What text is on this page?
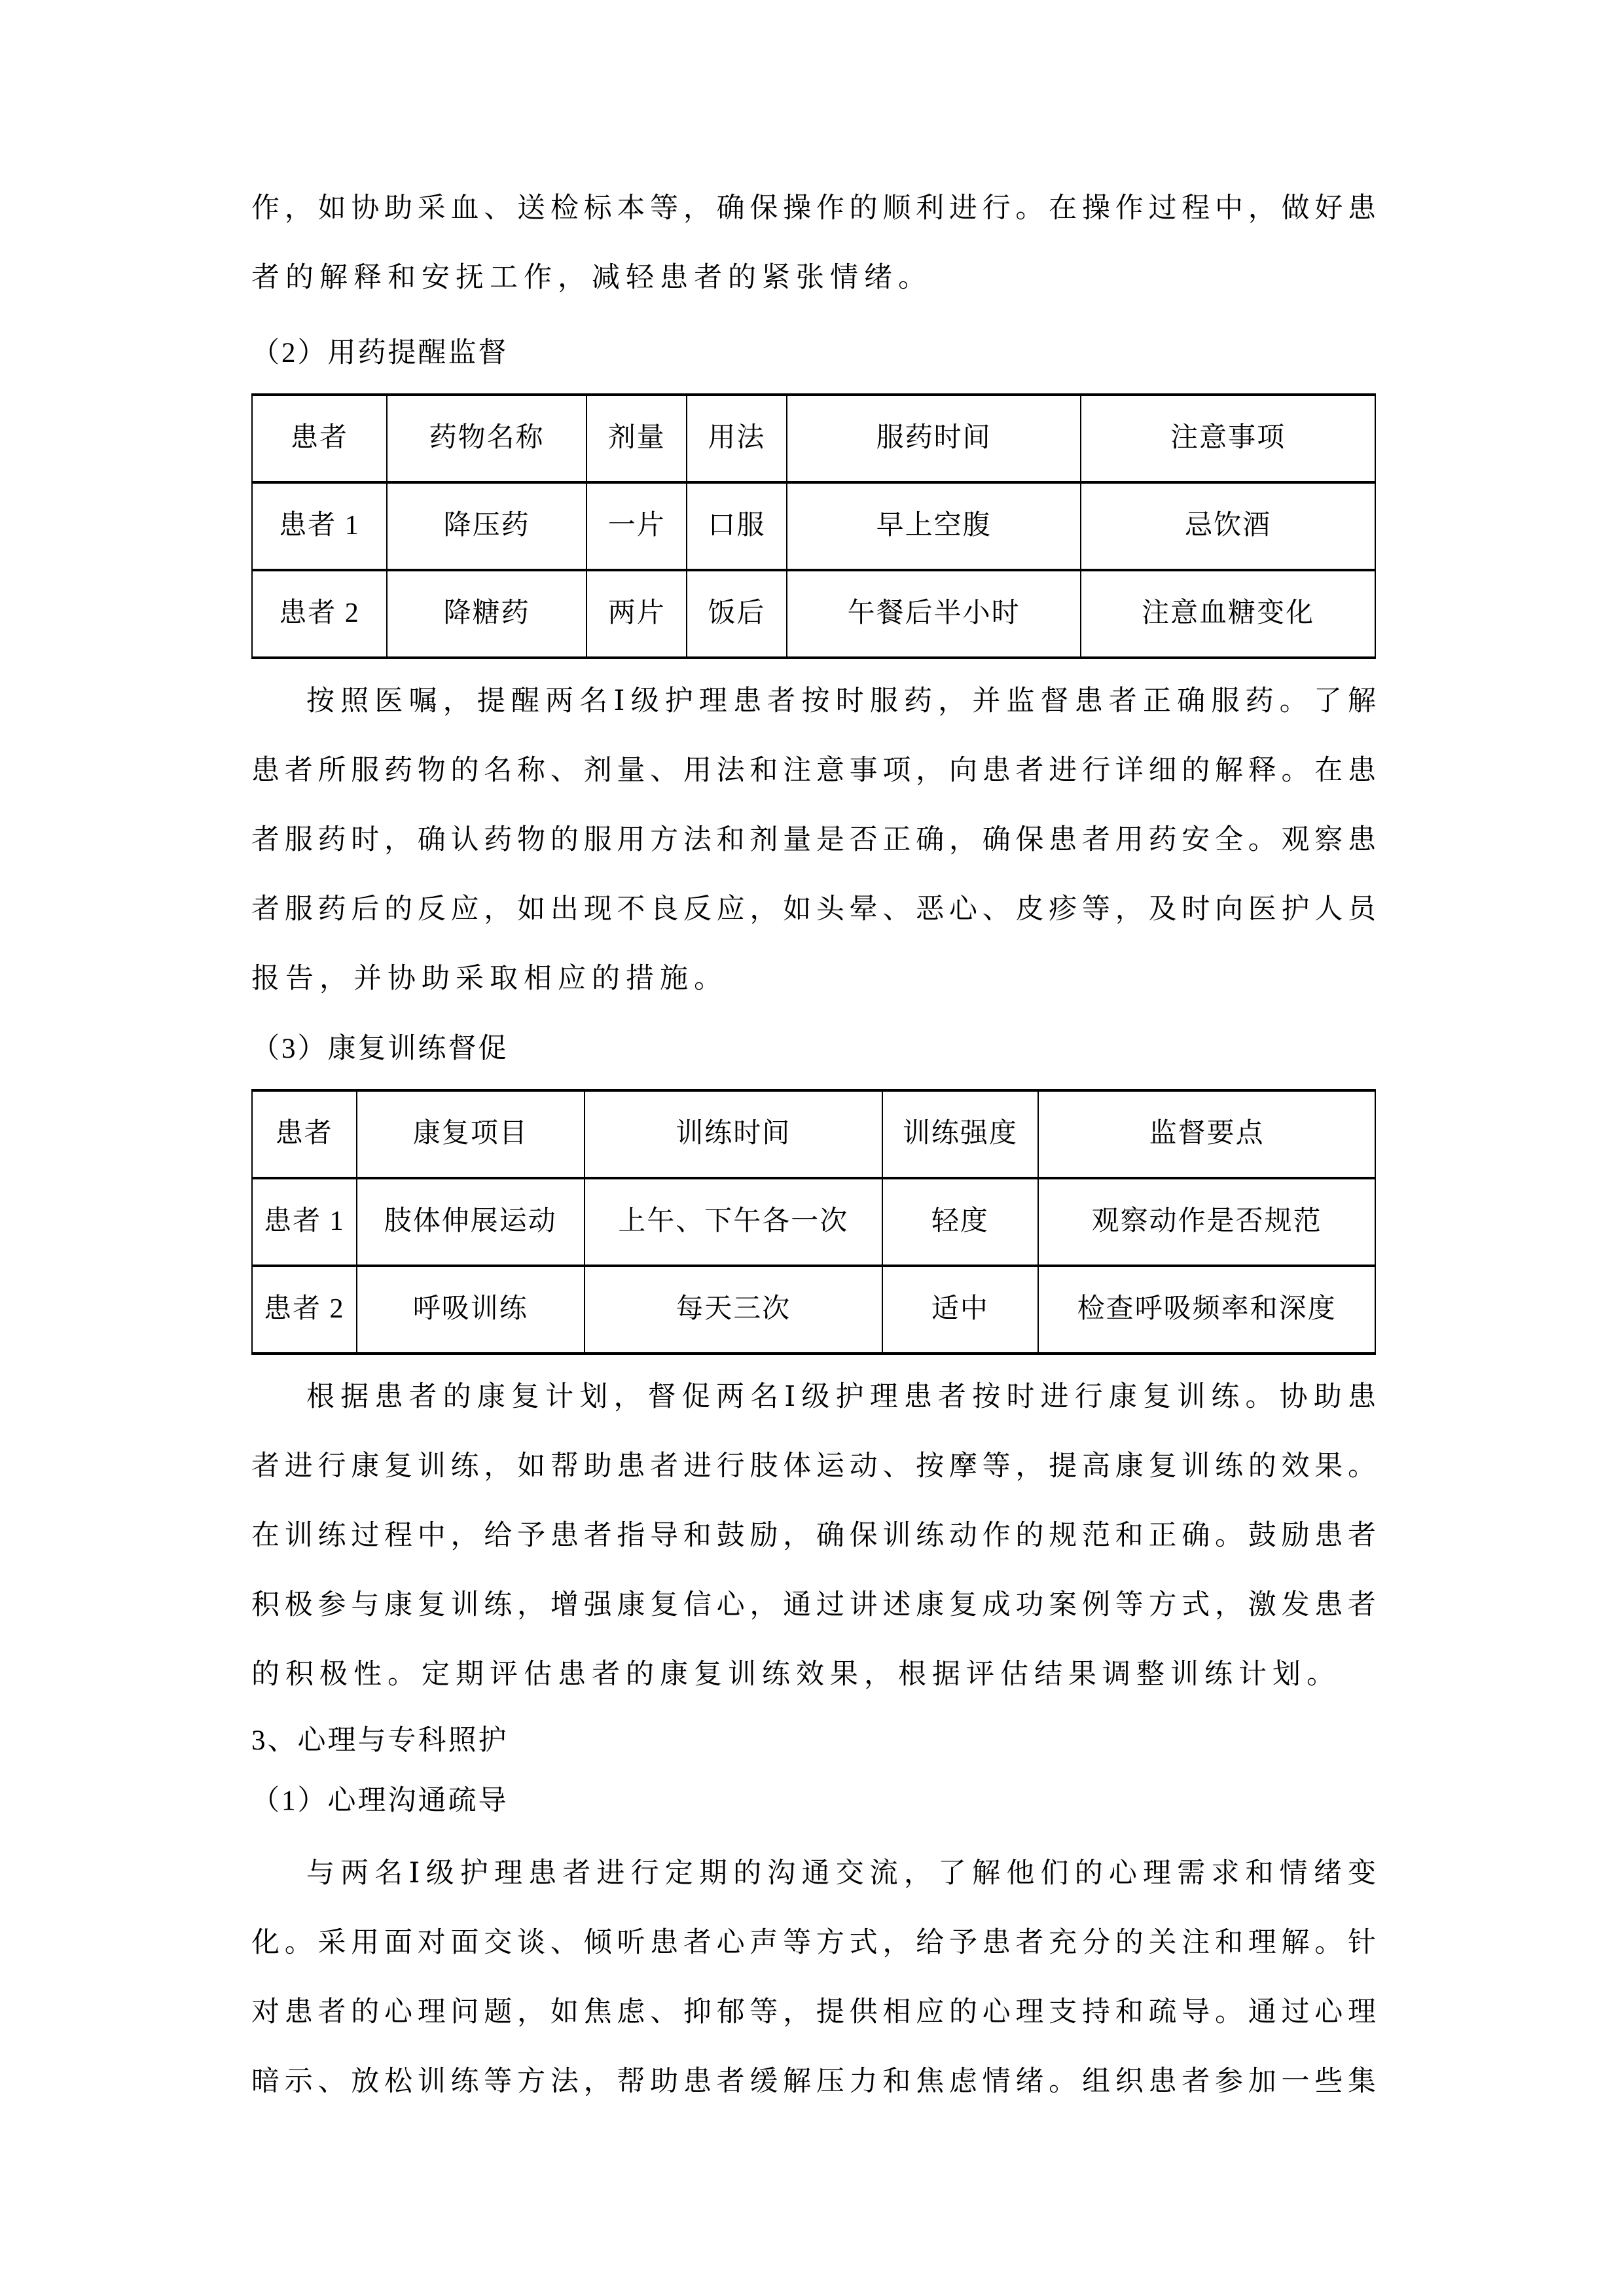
作，如协助采血、送检标本等，确保操作的顺利进行。在操作过程中，做好患
者的解释和安抚工作，减轻患者的紧张情绪。
（2）用药提醒监督
患者	药物名称	剂量	用法	服药时间	注意事项
患者 1	降压药	一片	口服	早上空腹	忌饮酒
患者 2	降糖药	两片	饭后	午餐后半小时	注意血糖变化
按照医嘱，提醒两名Ⅰ级护理患者按时服药，并监督患者正确服药。了解
患者所服药物的名称、剂量、用法和注意事项，向患者进行详细的解释。在患
者服药时，确认药物的服用方法和剂量是否正确，确保患者用药安全。观察患
者服药后的反应，如出现不良反应，如头晕、恶心、皮疹等，及时向医护人员
报告，并协助采取相应的措施。
（3）康复训练督促
患者	康复项目	训练时间	训练强度	监督要点
患者 1	肢体伸展运动	上午、下午各一次	轻度	观察动作是否规范
患者 2	呼吸训练	每天三次	适中	检查呼吸频率和深度
根据患者的康复计划，督促两名Ⅰ级护理患者按时进行康复训练。协助患
者进行康复训练，如帮助患者进行肢体运动、按摩等，提高康复训练的效果。
在训练过程中，给予患者指导和鼓励，确保训练动作的规范和正确。鼓励患者
积极参与康复训练，增强康复信心，通过讲述康复成功案例等方式，激发患者
的积极性。定期评估患者的康复训练效果，根据评估结果调整训练计划。
3、心理与专科照护
（1）心理沟通疏导
与两名Ⅰ级护理患者进行定期的沟通交流，了解他们的心理需求和情绪变
化。采用面对面交谈、倾听患者心声等方式，给予患者充分的关注和理解。针
对患者的心理问题，如焦虑、抑郁等，提供相应的心理支持和疏导。通过心理
暗示、放松训练等方法，帮助患者缓解压力和焦虑情绪。组织患者参加一些集
